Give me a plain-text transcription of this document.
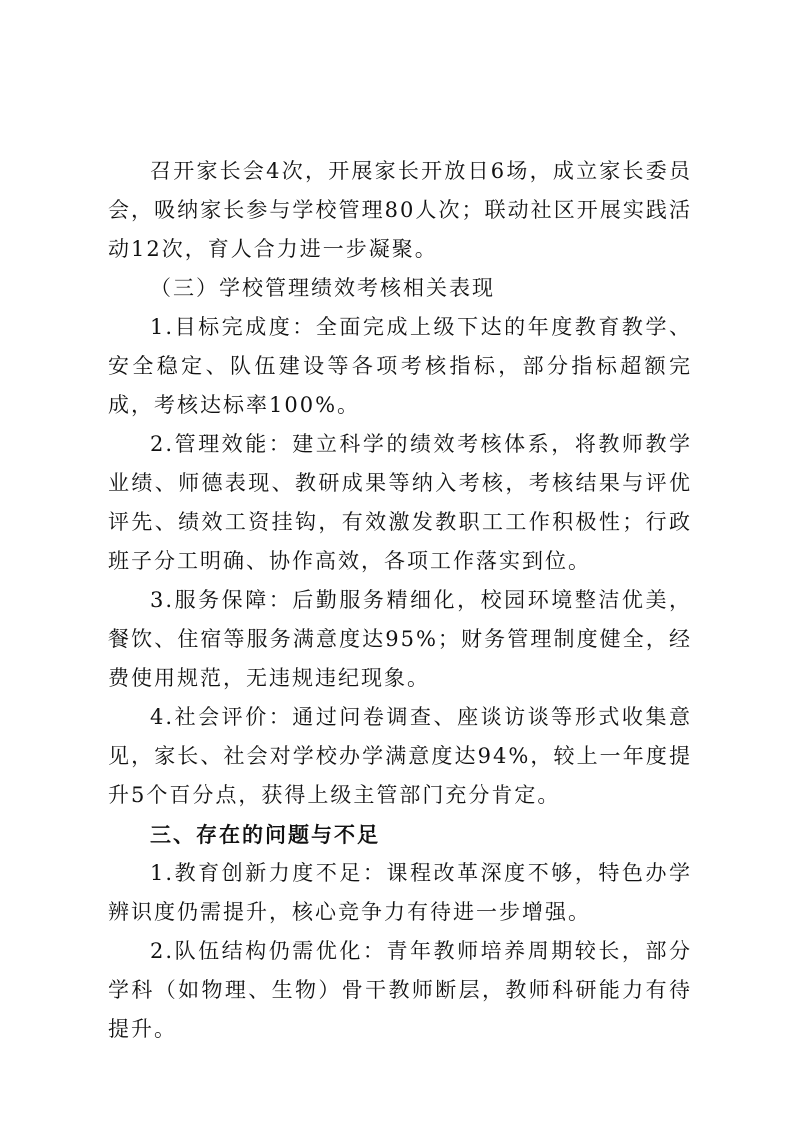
召开家长会4次，开展家长开放日6场，成立家长委员会，吸纳家长参与学校管理80人次；联动社区开展实践活动12次，育人合力进一步凝聚。

（三）学校管理绩效考核相关表现

1.目标完成度：全面完成上级下达的年度教育教学、安全稳定、队伍建设等各项考核指标，部分指标超额完成，考核达标率100%。

2.管理效能：建立科学的绩效考核体系，将教师教学业绩、师德表现、教研成果等纳入考核，考核结果与评优评先、绩效工资挂钩，有效激发教职工工作积极性；行政班子分工明确、协作高效，各项工作落实到位。

3.服务保障：后勤服务精细化，校园环境整洁优美，餐饮、住宿等服务满意度达95%；财务管理制度健全，经费使用规范，无违规违纪现象。

4.社会评价：通过问卷调查、座谈访谈等形式收集意见，家长、社会对学校办学满意度达94%，较上一年度提升5个百分点，获得上级主管部门充分肯定。

三、存在的问题与不足

1.教育创新力度不足：课程改革深度不够，特色办学辨识度仍需提升，核心竞争力有待进一步增强。

2.队伍结构仍需优化：青年教师培养周期较长，部分学科（如物理、生物）骨干教师断层，教师科研能力有待提升。
